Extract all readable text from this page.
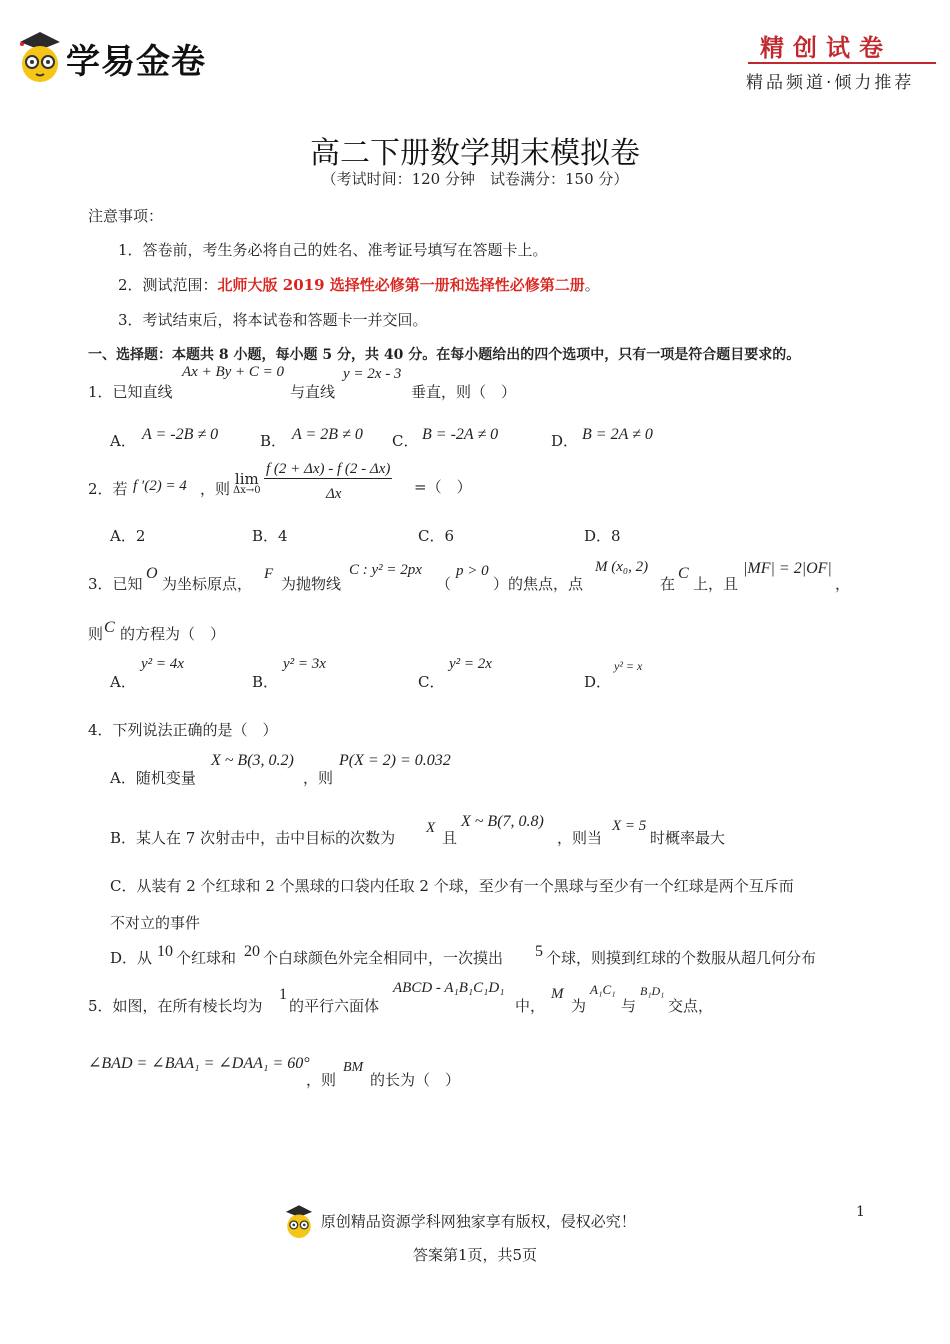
学易金卷	精创试卷
精品频道·倾力推荐
高二下册数学期末模拟卷
（考试时间：120 分钟　试卷满分：150 分）
注意事项：
1．答卷前，考生务必将自己的姓名、准考证号填写在答题卡上。
2．测试范围：北师大版 2019 选择性必修第一册和选择性必修第二册。
3．考试结束后，将本试卷和答题卡一并交回。
一、选择题：本题共 8 小题，每小题 5 分，共 40 分。在每小题给出的四个选项中，只有一项是符合题目要求的。
1．已知直线
Ax + By + C = 0
与直线
y = 2x - 3
垂直，则（　）
A． A = -2B ≠ 0	B． A = 2B ≠ 0 C． B = -2A ≠ 0	D． B = 2A ≠ 0
2．若 f ′(2) = 4 ，则
lim
Δx→0
f (2 + Δx) - f (2 - Δx)
Δx	=（　）
A．2	B．4	C．6	D．8
3．已知
O
为坐标原点，
F
为抛物线
C : y² = 2px
（
p > 0
）的焦点，点
M (x₀, 2)
在
C
上，且
|MF| = 2|OF|
，
则 C 的方程为（　）
A．
y² = 4x
B．
y² = 3x
C．
y² = 2x
D．
y² = x
4．下列说法正确的是（　）
A．随机变量
X ~ B(3, 0.2)
，则
P(X = 2) = 0.032
B．某人在 7 次射击中，击中目标的次数为
X
且
X ~ B(7, 0.8)
，则当
X = 5
时概率最大
C．从装有 2 个红球和 2 个黑球的口袋内任取 2 个球，至少有一个黑球与至少有一个红球是两个互斥而
不对立的事件
D．从 10 个红球和 20 个白球颜色外完全相同中，一次摸出 5 个球，则摸到红球的个数服从超几何分布
5．如图，在所有棱长均为
1
的平行六面体
ABCD - A₁B₁C₁D₁
中，
M
为
A₁C₁
与
B₁D₁
交点，
∠BAD = ∠BAA₁ = ∠DAA₁ = 60°
，则
BM
的长为（　）
原创精品资源学科网独家享有版权，侵权必究！
1
答案第1页，共5页
